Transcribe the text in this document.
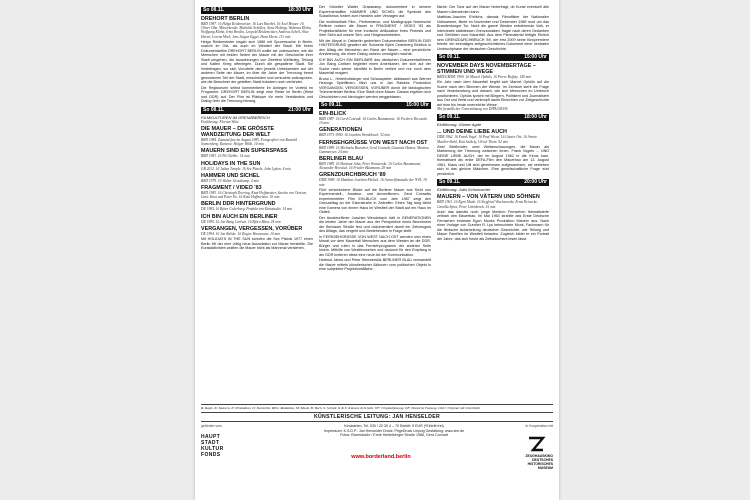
So 08.11.	18:30 Uhr
DREHORT BERLIN
BRD 1987. 16 Helga Reidemeister. 16 Lars Barthel. 16 Axel Brauer. 16 Oliver Olm. Mitwirkende: Mathilde Scholles, Anne Holzing, Waltraut Klöhn, Wolfgang Klöhn, Irmo Brodin, Leopold Reidemeister, Andreas Schell, Alice Hartel, Lorenz Mich, Jens Jürgen Egger, Hans Mertz. 113 min
Helga Reidemeister begab sich 1986 mit Spurensuche in Berlin, sowohl im Ost- als auch im Westteil der Stadt. Mit ihrem Dokumentarfilm DREHORT BERLIN wollte sie untersuchen, wie die Menschen mit beiden Seiten der Mauer mit der Geschichte ihrer Stadt umgehen, die Auswirkungen von Zweitem Weltkrieg, Teilung und Kalten Krieg offenlegen. Durch die gespaltene Stadt. Sie hinterfragen, wo sich Vorurteile dem jeweils Unbekannten auf der anderen Seite der Mauer, im über die Jahre der Trennung fremd gewordenen Teil der Stadt, entscheiden und versuchte aufzuspüren, wie die Bewohner der geteilten Stadt trotzdem noch verbindet.
Die Regisseurin selbst kommentierte ihr Anliegen im Vorfeld im Programm: DREHORT BERLIN zeigt eine Reise im Berlin (West und DDR) auf. Der Film ist Plädoyer für mehr Verständnis und Dialog über die Trennung hinweg.
So 08.11.	21:00 Uhr
FILMKULTUREN IM GRENZBEREICH
Einführung: Florian Wüst
DIE MAUER – DIE GRÖSSTE WANDZEITUNG DER WELT
BRD 1984. Zustand fast im August 1985. Fotografiert von Rainald Sonnenberg. Kamera: Holger Wildt. 14 min
MAUERN SIND EIN SUPERSPASS
BRD 1981. 16 Pit Glebbe. 14 min
HOLIDAYS IN THE SUN
GB 2012. 16 Julian Temple. 16 Sex Pistols, John Lydon. 4 min
HAMMER UND SICHEL
BRD 1979. 16 Walter Grasskamp. 4 min
FRAGMENT / VIDEO '83
BRD 1983. 16 Christoph Doering, Knut Hoffmeister, Sascha von Oertzen. Gast: Knut und Pater Ilo. 16 Knut Hoffmeister. 16 min
BERLIN DDR HINTERGRUND
DE 1985. 16 Björn Cederberg. Produkt von Kinostudio. 14 min
ICH BIN AUCH EIN BERLINER
DE 1990. 16 Jon Bang Carlsen. 16 Björn Blast. 24 min
VERGANGEN, VERGESSEN, VORÜBER
DE 1994. 16 Jan Ralske. 16 Rogier Haarmann. 10 min
Mit HOLIDAYS IN THE SUN schufen die Sex Pistols 1977 einen Berlin Hit der eine völlig neue Assoziation zur Mauer herstellte. Die Kunstaktivisten wollten die Mauer nicht als Mahnmal verstehen.
Der Künstler Walter Grasskamp dokumentiert in seinem Experimentalfilm HAMMER UND SICHEL die Symbole des Sozialismus fordert zum Handeln oder Verzagen auf.
Die multimediale Film-, Performance- und Musikgruppe Notorische Reflexe nutzen die Mauer in FRAGMENT / VIDEO '83 als Projektionsfläche für eine ironische Artikulation ihres Protests und ihrer Sicht auf unsere Seh- und Hörgewohnheiten.
Mit der Alepal in Ostberlin gedrehten Dokumentation BERLIN DDR HINTERGRUND gewährt der Schwede Björn Cederberg Einblick in den Alltag der Menschen am Rand der Mauer – eine persönliche Annäherung, die einen Dialog nahezu unmöglich machte.
ICH BIN AUCH EIN BERLINER des dänischen Dokumentarfilmers Jon Bang Carlsen begleitet einen Amerikaner, der sich auf der Suche nach seiner Identität in Berlin verliert und nur noch dem Mauerfall reagiert.
Bruno L., Hinterhofsänger und Schauspieler, abklassert aus Werner Herzogs Spielfilmen, fährt uns in Jan Ralskes Produktion VERGANGEN, VERGESSEN, VORÜBER durch die ideologischen Trümmerfelder Berlins. Eine Stadt ohne Mauer. Daraus ergeben sich Geschichten und Ideologien werden weggeblasen.
So 09.11.	15:00 Uhr
EIN-BLICK
BRD 1987. 16 Gerd Conradt. 16 Carlos Bustamante. 16 Frederic Riccardo. 10 min
GENERATIONEN
BRD 1971-1990. 16 Joachim Wendebach. 32 min
FERNSEHGRÜSSE VON WEST NACH OST
BRD 1989. 16 Michaela Buescher, Gerd Conradt, Gusantis Hämes, Martina Gummersen. 24 min
BERLINER BLAU
BRD 1989. 16 Hartmut Jahn, Peter Wensierski. 16 Carlos Bustamante, Alexander Horstick. 16 Frieder Butzmann. 28 min
GRENZDURCHBRUCH '89
DDR 1989. 16 Matthias Joachim Ehrlich. 16 Armeefilmstudio der NVA. 18 min
Fünf verschiedene Blicke auf die Berliner Mauer aus Sicht von Experimentell-, Amateur- und Armeefilmern. Gerd Conradts experimenteller Film EIN-BLICK vom Jahr 1987 zeigt den Grenzalltag an der Elsenstraße in Zeitraffer. Einen Tag lang blickt eine Kamera von einem Haus im Westteil der Stadt auf ein Haus im Ostteil.
Der Amateurfilmer Joachim Wendebach hält in GENERATIONEN die letzten Jahre der Mauer aus der Perspektive eines Bewohners der Bernauer Straße fest und dokumentiert damit ein Zeitzeugnis des Alltags, das vergeht und Bestehendes in Frage stellt.
In FERNSEHGRÜSSE VON WEST NACH OST wenden sich einen Monat vor dem Mauerfall Menschen aus dem Westen an die DDR-Bürger und rufen in das Fernsehprogramm der anderen Seite hinein. Mithilfe von Westfernsehen und dadurch für den Empfang in der DDR kreieren diese eine neue Art der Kommunikation.
Hartmut Jahns und Peter Wensierskis BERLINER BLAU verwandelt die Mauer mittels künstlerischer Aktionen vom politischen Objekt in eine subjektive Projektionsfläche.
fläche. Der Tanz auf der Mauer hinterfragt, ob Kunst eventuell alle Mauern überwinden kann.
Matthias-Joachim Ehrlichs, damals Filmoffizier der Nationalen Volksarmee, filmte im November und Dezember 1989 rund um das Brandenburger Tor. Nicht die ganze Westen entstehende Volk, er interviewte stattdessen Grenzsoldaten, fragte nach deren Gedanken und Gefühlen zum Mauerfall. Aus dem Filmmaterial fertigte Ehrlich sein GRENZDURCHBRUCH '89, der erst 2009 seine Kinopremiere feierte: ein einmaliges zeitgeschichtliches Dokument einer zentralen Umbruchphase der deutschen Geschichte.
So 09.11.	15:00 Uhr
NOVEMBER DAYS NOVEMBERTAGE – STIMMEN UND WEGE
BRD/GB/DE 1990. 16 Marcel Ophüls. 16 Pierre Boffety. 140 min
Ein Jahr nach dem Mauerfall begibt sich Marcel Ophüls auf die Suche nach den Stimmen der Wende. Im Zentrum steht die Frage nach Verantwortung und danach, wie sich Menschen im Umbruch positionieren. Ophüls spricht mit Bürgern, Politikern und Journalisten aus Ost und West und verknüpft damit Einsichten zur Zeitgeschichte auf eine bis heute unerreichte Weise.
Mit freundlicher Unterstützung von DIFA/GB HS
So 09.11.	18:00 Uhr
Einführung: Günter Agde
... UND DEINE LIEBE AUCH
DDR 1962. 16 Frank Vogel. 16 Paul Wiens. 16 Günter Ost. 16 Armin Mueller-Stahl, Kati Székely, Ulrich Thein. 92 min
Zwei Stiefbrüder, zwei Weltanschauungen, die Mauer als Markierung der Trennung zwischen ihnen. Frank Vogels ... UND DEINE LIEBE AUCH, der im August 1962 in die Kinos kam, thematisiert als erste DEFA-Film den Mauerbau am 13. August 1961. Klaus und Ulli sind gemeinsam aufgewachsen, sie verlieben sich in das gleiche Mädchen. Eine gesellschaftliche Frage wird persönlich.
So 09.11.	20:00 Uhr
Einführung: Julia Schumacher
MAUERN – VON VÄTERN UND SÖHNEN
BRD 1961. 16 Egon Monk. 16 Siegfried Wischnewski, Ernst Reinecke, Camilla Spira, Peter Lehmbrock. 61 min
Auch das damals noch junge Medium Fernsehen thematisierte zeitnah den Mauerbau: Im Mai 1963 strahlte das Erste Deutsche Fernsehen erstmals Egon Monks Produktion Mauern aus. Nach einer Vorlage von Gunther R. Lys beleuchtete Monk, Fachmann für die filmische Aufarbeitung deutscher Geschichte, wie Teilung und Mauer Familien im Westteil belasten. Zugleich bildet er ein Portrait der Jahre, das sich heute als Zeitdokument lesen lässt.
R: Regie. K: Kamera. P: Produktion. D: Darsteller. REG: Redaktion. M: Musik. B: Buch. S: Schnitt. K & S: Kamera & Schnitt. OF: Originalfassung. DF: Deutsche Fassung. OmU: Original mit Untertiteln
KÜNSTLERISCHE LEITUNG: JAN HENSELDER
gefördert vom
HAUPT
STADT
KULTUR
FONDS
Kinokarten: Tel. 030 / 20 30 4 – 70 Eintritt: 5 EUR (*Eintritt frei)
Impressum: K.S.D.P.: Jan Henselder Druck: PögeDruck Leipzig Gestaltung: www.zim.de
Fotos: Elsenstraße / Erste Heidelberger Straße 1986, Gerd Conradt
www.borderland.berlin
In Kooperation mit
ZEUGHAUSKINO
DEUTSCHES HISTORISCHES
MUSEUM
